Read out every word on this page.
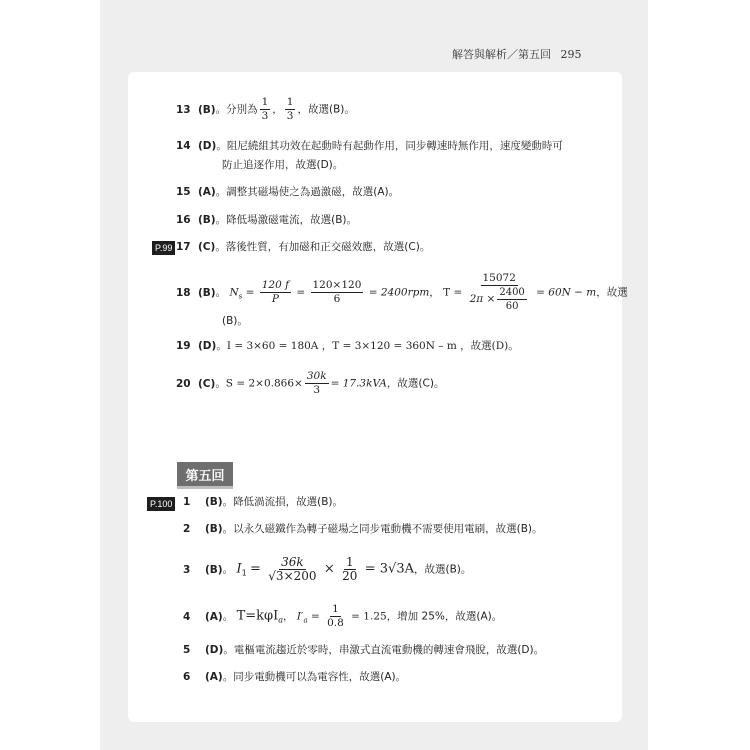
解答與解析／第五回 295
13 (B)。分別為 $\frac{1}{3}$ ， $\frac{1}{3}$ ，故選(B)。
14 (D)。阻尼繞組其功效在起動時有起動作用，同步轉速時無作用，速度變動時可
防止追逐作用，故選(D)。
15 (A)。調整其磁場使之為過激磁，故選(A)。
16 (B)。降低場激磁電流，故選(B)。
P.99 17 (C)。落後性質，有加磁和正交磁效應，故選(C)。
18 (B)。 $N_s = \frac{120 f}{P} = \frac{120\times 120}{6} = 2400rpm$， $T = \frac{15072}{2\pi \times \frac{2400}{60}} = 60N - m$，故選
(B)。
19 (D)。I = 3×60 = 180A ，T = 3×120 = 360N – m ，故選(D)。
20 (C)。$S = 2\times 0.866\times \frac{30k}{3} = 17.3kVA$，故選(C)。
第五回
P.100 1 (B)。降低渦流損，故選(B)。
2 (B)。以永久磁鐵作為轉子磁場之同步電動機不需要使用電刷，故選(B)。
3 (B)。 $I_1 = \frac{36k}{√3\times 200} \times \frac{1}{20} = 3√3A$，故選(B)。
4 (A)。 T=kφI$_a$， $I'_a = \frac{1}{0.8} = 1.25$，增加 25%，故選(A)。
5 (D)。電樞電流趨近於零時，串激式直流電動機的轉速會飛脫，故選(D)。
6 (A)。同步電動機可以為電容性，故選(A)。
